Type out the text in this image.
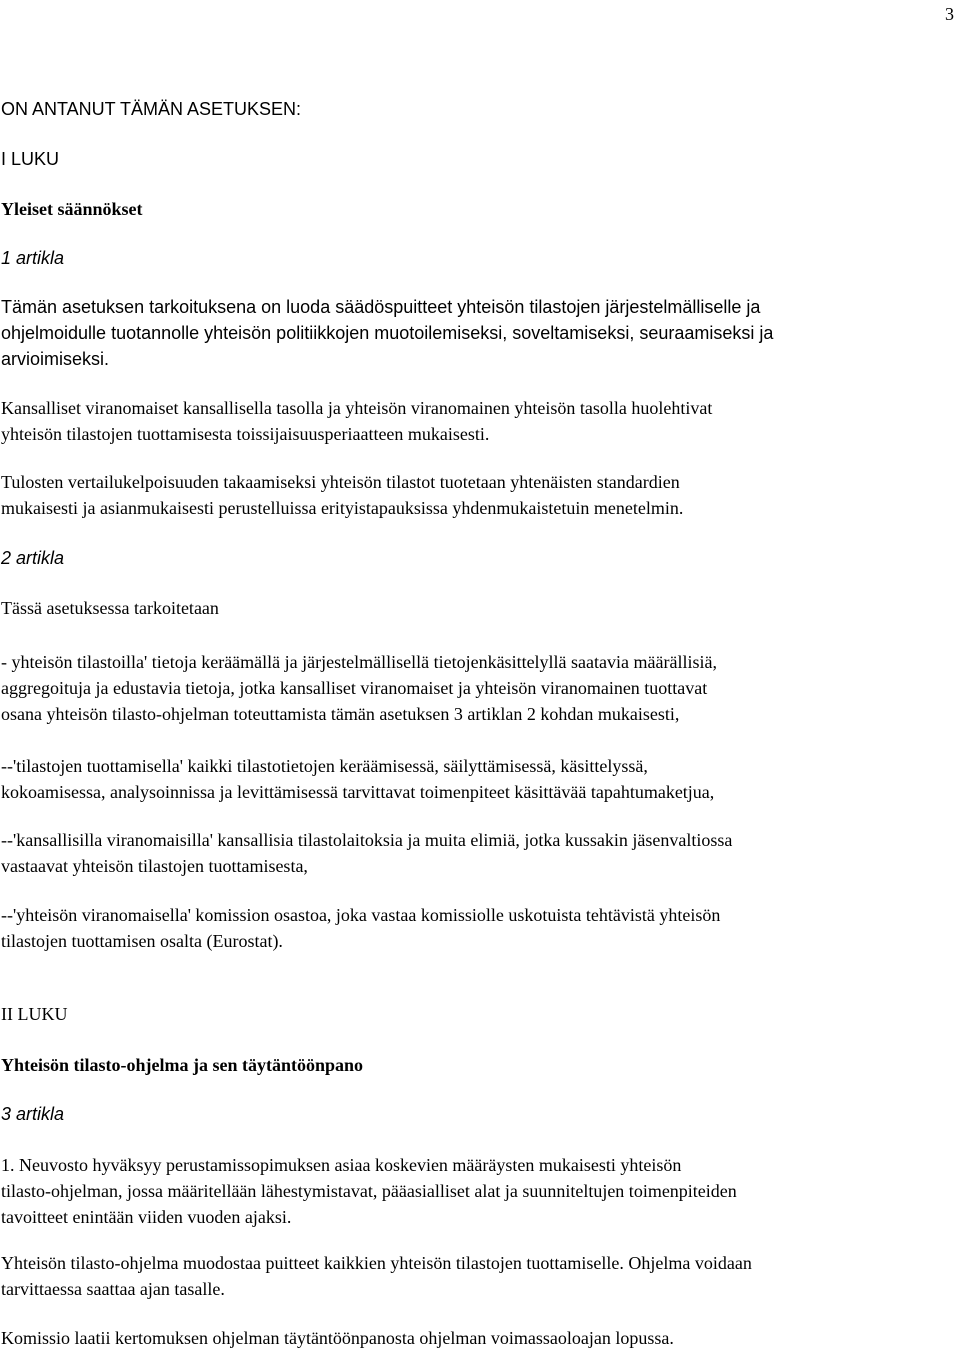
3
ON ANTANUT TÄMÄN ASETUKSEN:
I LUKU
Yleiset säännökset
1 artikla
Tämän asetuksen tarkoituksena on luoda säädöspuitteet yhteisön tilastojen järjestelmälliselle ja
ohjelmoidulle tuotannolle yhteisön politiikkojen muotoilemiseksi, soveltamiseksi, seuraamiseksi ja
arvioimiseksi.
Kansalliset viranomaiset kansallisella tasolla ja yhteisön viranomainen yhteisön tasolla huolehtivat
yhteisön tilastojen tuottamisesta toissijaisuusperiaatteen mukaisesti.
Tulosten vertailukelpoisuuden takaamiseksi yhteisön tilastot tuotetaan yhtenäisten standardien
mukaisesti ja asianmukaisesti perustelluissa erityistapauksissa yhdenmukaistetuin menetelmin.
2 artikla
Tässä asetuksessa tarkoitetaan
- yhteisön tilastoilla' tietoja keräämällä ja järjestelmällisellä tietojenkäsittelyllä saatavia määrällisiä,
aggregoituja ja edustavia tietoja, jotka kansalliset viranomaiset ja yhteisön viranomainen tuottavat
osana yhteisön tilasto-ohjelman toteuttamista tämän asetuksen 3 artiklan 2 kohdan mukaisesti,
--'tilastojen tuottamisella' kaikki tilastotietojen keräämisessä, säilyttämisessä, käsittelyssä,
kokoamisessa, analysoinnissa ja levittämisessä tarvittavat toimenpiteet käsittävää tapahtumaketjua,
--'kansallisilla viranomaisilla' kansallisia tilastolaitoksia ja muita elimiä, jotka kussakin jäsenvaltiossa
vastaavat yhteisön tilastojen tuottamisesta,
--'yhteisön viranomaisella' komission osastoa, joka vastaa komissiolle uskotuista tehtävistä yhteisön
tilastojen tuottamisen osalta (Eurostat).
II LUKU
Yhteisön tilasto-ohjelma ja sen täytäntöönpano
3 artikla
1. Neuvosto hyväksyy perustamissopimuksen asiaa koskevien määräysten mukaisesti yhteisön
tilasto-ohjelman, jossa määritellään lähestymistavat, pääasialliset alat ja suunniteltujen toimenpiteiden
tavoitteet enintään viiden vuoden ajaksi.
Yhteisön tilasto-ohjelma muodostaa puitteet kaikkien yhteisön tilastojen tuottamiselle. Ohjelma voidaan
tarvittaessa saattaa ajan tasalle.
Komissio laatii kertomuksen ohjelman täytäntöönpanosta ohjelman voimassaoloajan lopussa.
